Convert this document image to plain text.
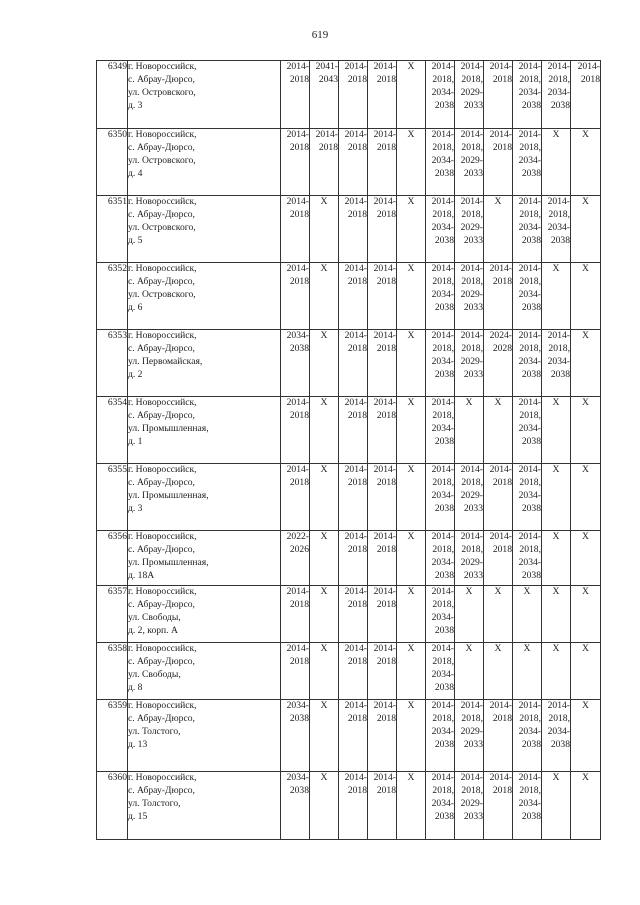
619
6349	г. Новороссийск,
с. Абрау-Дюрсо,
ул. Островского,
д. 3	2014-
2018	2041-
2043	2014-
2018	2014-
2018	X	2014-
2018,
2034-
2038	2014-
2018,
2029-
2033	2014-
2018	2014-
2018,
2034-
2038	2014-
2018,
2034-
2038	2014-
2018

6350	г. Новороссийск,
с. Абрау-Дюрсо,
ул. Островского,
д. 4	2014-
2018	2014-
2018	2014-
2018	2014-
2018	X	2014-
2018,
2034-
2038	2014-
2018,
2029-
2033	2014-
2018	2014-
2018,
2034-
2038	X	X

6351	г. Новороссийск,
с. Абрау-Дюрсо,
ул. Островского,
д. 5	2014-
2018	X	2014-
2018	2014-
2018	X	2014-
2018,
2034-
2038	2014-
2018,
2029-
2033	X	2014-
2018,
2034-
2038	2014-
2018,
2034-
2038	X

6352	г. Новороссийск,
с. Абрау-Дюрсо,
ул. Островского,
д. 6	2014-
2018	X	2014-
2018	2014-
2018	X	2014-
2018,
2034-
2038	2014-
2018,
2029-
2033	2014-
2018	2014-
2018,
2034-
2038	X	X

6353	г. Новороссийск,
с. Абрау-Дюрсо,
ул. Первомайская,
д. 2	2034-
2038	X	2014-
2018	2014-
2018	X	2014-
2018,
2034-
2038	2014-
2018,
2029-
2033	2024-
2028	2014-
2018,
2034-
2038	2014-
2018,
2034-
2038	X

6354	г. Новороссийск,
с. Абрау-Дюрсо,
ул. Промышленная,
д. 1	2014-
2018	X	2014-
2018	2014-
2018	X	2014-
2018,
2034-
2038	X	X	2014-
2018,
2034-
2038	X	X

6355	г. Новороссийск,
с. Абрау-Дюрсо,
ул. Промышленная,
д. 3	2014-
2018	X	2014-
2018	2014-
2018	X	2014-
2018,
2034-
2038	2014-
2018,
2029-
2033	2014-
2018	2014-
2018,
2034-
2038	X	X

6356	г. Новороссийск,
с. Абрау-Дюрсо,
ул. Промышленная,
д. 18А	2022-
2026	X	2014-
2018	2014-
2018	X	2014-
2018,
2034-
2038	2014-
2018,
2029-
2033	2014-
2018	2014-
2018,
2034-
2038	X	X

6357	г. Новороссийск,
с. Абрау-Дюрсо,
ул. Свободы,
д. 2, корп. А	2014-
2018	X	2014-
2018	2014-
2018	X	2014-
2018,
2034-
2038	X	X	X	X	X

6358	г. Новороссийск,
с. Абрау-Дюрсо,
ул. Свободы,
д. 8	2014-
2018	X	2014-
2018	2014-
2018	X	2014-
2018,
2034-
2038	X	X	X	X	X

6359	г. Новороссийск,
с. Абрау-Дюрсо,
ул. Толстого,
д. 13	2034-
2038	X	2014-
2018	2014-
2018	X	2014-
2018,
2034-
2038	2014-
2018,
2029-
2033	2014-
2018	2014-
2018,
2034-
2038	2014-
2018,
2034-
2038	X

6360	г. Новороссийск,
с. Абрау-Дюрсо,
ул. Толстого,
д. 15	2034-
2038	X	2014-
2018	2014-
2018	X	2014-
2018,
2034-
2038	2014-
2018,
2029-
2033	2014-
2018	2014-
2018,
2034-
2038	X	X
